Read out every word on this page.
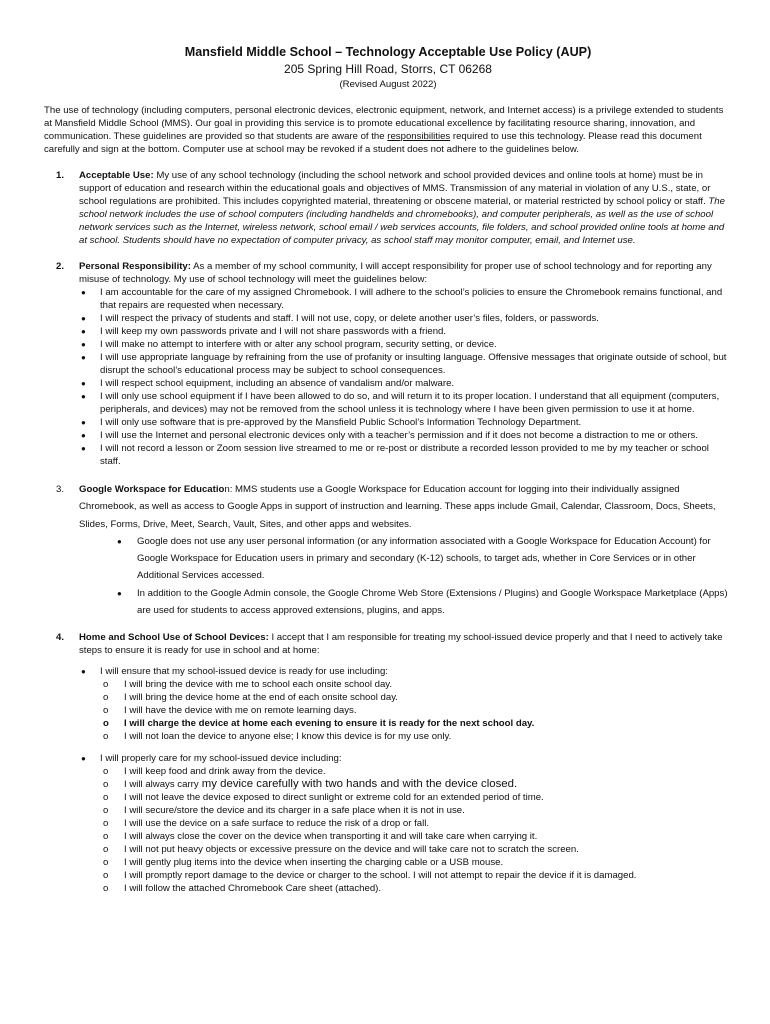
Mansfield Middle School – Technology Acceptable Use Policy (AUP)
205 Spring Hill Road, Storrs, CT 06268
(Revised August 2022)
The use of technology (including computers, personal electronic devices, electronic equipment, network, and Internet access) is a privilege extended to students at Mansfield Middle School (MMS). Our goal in providing this service is to promote educational excellence by facilitating resource sharing, innovation, and communication. These guidelines are provided so that students are aware of the responsibilities required to use this technology. Please read this document carefully and sign at the bottom. Computer use at school may be revoked if a student does not adhere to the guidelines below.
1. Acceptable Use: My use of any school technology (including the school network and school provided devices and online tools at home) must be in support of education and research within the educational goals and objectives of MMS. Transmission of any material in violation of any U.S., state, or school regulations are prohibited. This includes copyrighted material, threatening or obscene material, or material restricted by school policy or staff. The school network includes the use of school computers (including handhelds and chromebooks), and computer peripherals, as well as the use of school network services such as the Internet, wireless network, school email / web services accounts, file folders, and school provided online tools at home and at school. Students should have no expectation of computer privacy, as school staff may monitor computer, email, and Internet use.
2. Personal Responsibility: As a member of my school community, I will accept responsibility for proper use of school technology and for reporting any misuse of technology. My use of school technology will meet the guidelines below:
● I am accountable for the care of my assigned Chromebook. I will adhere to the school’s policies to ensure the Chromebook remains functional, and that repairs are requested when necessary.
● I will respect the privacy of students and staff. I will not use, copy, or delete another user’s files, folders, or passwords.
● I will keep my own passwords private and I will not share passwords with a friend.
● I will make no attempt to interfere with or alter any school program, security setting, or device.
● I will use appropriate language by refraining from the use of profanity or insulting language. Offensive messages that originate outside of school, but disrupt the school’s educational process may be subject to school consequences.
● I will respect school equipment, including an absence of vandalism and/or malware.
● I will only use school equipment if I have been allowed to do so, and will return it to its proper location. I understand that all equipment (computers, peripherals, and devices) may not be removed from the school unless it is technology where I have been given permission to use it at home.
● I will only use software that is pre-approved by the Mansfield Public School’s Information Technology Department.
● I will use the Internet and personal electronic devices only with a teacher’s permission and if it does not become a distraction to me or others.
● I will not record a lesson or Zoom session live streamed to me or re-post or distribute a recorded lesson provided to me by my teacher or school staff.
3. Google Workspace for Education: MMS students use a Google Workspace for Education account for logging into their individually assigned Chromebook, as well as access to Google Apps in support of instruction and learning. These apps include Gmail, Calendar, Classroom, Docs, Sheets, Slides, Forms, Drive, Meet, Search, Vault, Sites, and other apps and websites.
● Google does not use any user personal information (or any information associated with a Google Workspace for Education Account) for Google Workspace for Education users in primary and secondary (K-12) schools, to target ads, whether in Core Services or in other Additional Services accessed.
● In addition to the Google Admin console, the Google Chrome Web Store (Extensions / Plugins) and Google Workspace Marketplace (Apps) are used for students to access approved extensions, plugins, and apps.
4. Home and School Use of School Devices: I accept that I am responsible for treating my school-issued device properly and that I need to actively take steps to ensure it is ready for use in school and at home:
● I will ensure that my school-issued device is ready for use including:
o I will bring the device with me to school each onsite school day.
o I will bring the device home at the end of each onsite school day.
o I will have the device with me on remote learning days.
o I will charge the device at home each evening to ensure it is ready for the next school day.
o I will not loan the device to anyone else; I know this device is for my use only.
● I will properly care for my school-issued device including:
o I will keep food and drink away from the device.
o I will always carry my device carefully with two hands and with the device closed.
o I will not leave the device exposed to direct sunlight or extreme cold for an extended period of time.
o I will secure/store the device and its charger in a safe place when it is not in use.
o I will use the device on a safe surface to reduce the risk of a drop or fall.
o I will always close the cover on the device when transporting it and will take care when carrying it.
o I will not put heavy objects or excessive pressure on the device and will take care not to scratch the screen.
o I will gently plug items into the device when inserting the charging cable or a USB mouse.
o I will promptly report damage to the device or charger to the school. I will not attempt to repair the device if it is damaged.
o I will follow the attached Chromebook Care sheet (attached).
